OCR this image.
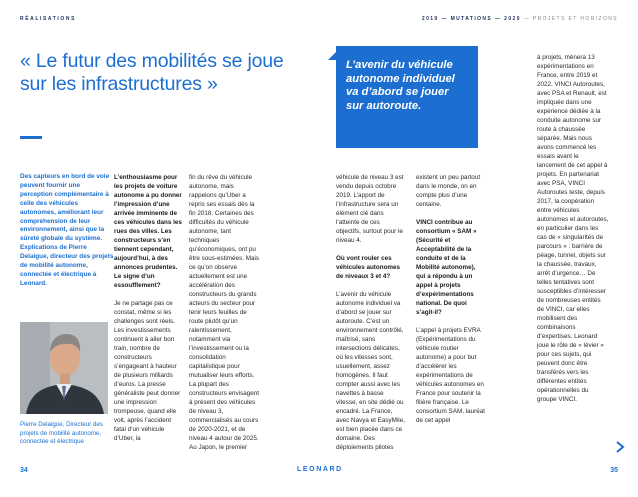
RÉALISATIONS	2019 — MUTATIONS — 2020 — PROJETS ET HORIZONS
« Le futur des mobilités se joue sur les infrastructures »
Des capteurs en bord de voie peuvent fournir une perception complémentaire à celle des véhicules autonomes, améliorant leur compréhension de leur environnement, ainsi que la sûreté globale du système. Explications de Pierre Delaigue, directeur des projets de mobilité autonome, connectée et électrique à Leonard.
Pierre Delaigue, Directeur des projets de mobilité autonome, connectée et électrique

L’enthousiasme pour les projets de voiture autonome a pu donner l’impression d’une arrivée imminente de ces véhicules dans les rues des villes. Les constructeurs s’en tiennent cependant, aujourd’hui, à des annonces prudentes. Le signe d’un essoufflement?

Je ne partage pas ce constat, même si les challenges sont réels. Les investissements continuent à aller bon train, nombre de constructeurs s’engageant à hauteur de plusieurs milliards d’euros. La presse généraliste peut donner une impression trompeuse, quand elle voit, après l’accident fatal d’un véhicule d’Uber, la

fin du rêve du véhicule autonome, mais rappelons qu’Uber a repris ses essais dès la fin 2018. Certaines des difficultés du véhicule autonome, tant techniques qu’économiques, ont pu être sous-estimées. Mais ce qu’on observe actuellement est une accélération des constructeurs du grands acteurs du secteur pour tenir leurs feuilles de route plutôt qu’un ralentissement, notamment via l’investissement ou la consolidation capitalistique pour mutualiser leurs efforts. La plupart des constructeurs envisagent à présent des véhicules de niveau 3, commercialisés au cours de 2020-2021, et de niveau 4 autour de 2025. Au Japon, le premier

L’avenir du véhicule autonome individuel va d’abord se jouer sur autoroute.

véhicule de niveau 3 est vendu depuis octobre 2019. L’apport de l’infrastructure sera un élément clé dans l’atteinte de ces objectifs, surtout pour le niveau 4.

Où vont rouler ces véhicules autonomes de niveaux 3 et 4?

L’avenir du véhicule autonome individuel va d’abord se jouer sur autoroute. C’est un environnement contrôlé, maîtrisé, sans intersections délicates, où les vitesses sont, usuellement, assez homogènes. Il faut compter aussi avec les navettes à basse vitesse, en site dédié ou encadré. La France, avec Navya et EasyMile, est bien placée dans ce domaine. Des déploiements pilotes

existent un peu partout dans le monde, on en compte plus d’une centaine.

VINCI contribue au consortium « SAM » (Sécurité et Acceptabilité de la conduite et de la Mobilité autonome), qui a répondu à un appel à projets d’expérimentations national. De quoi s’agit-il?

L’appel à projets EVRA (Expérimentations du véhicule routier autonome) a pour but d’accélérer les expérimentations de véhicules autonomes en France pour soutenir la filière française. Le consortium SAM, lauréat de cet appel

à projets, mènera 13 expérimentations en France, entre 2019 et 2022. VINCI Autoroutes, avec PSA et Renault, est impliquée dans une expérience dédiée à la conduite autonome sur route à chaussée séparée. Mais nous avons commencé les essais avant le lancement de cet appel à projets. En partenariat avec PSA, VINCI Autoroutes teste, depuis 2017, la coopération entre véhicules autonomes et autoroutes, en particulier dans les cas de « singularités de parcours » : barrière de péage, tunnel, objets sur la chaussée, travaux, arrêt d’urgence… De telles tentatives sont susceptibles d’intéresser de nombreuses entités de VINCI, car elles mobilisent des combinaisons d’expertises. Leonard joue le rôle de « lévier » pour ces sujets, qui peuvent donc être transférés vers les différentes entités opérationnelles du groupe VINCI.

34	LEONARD	35
